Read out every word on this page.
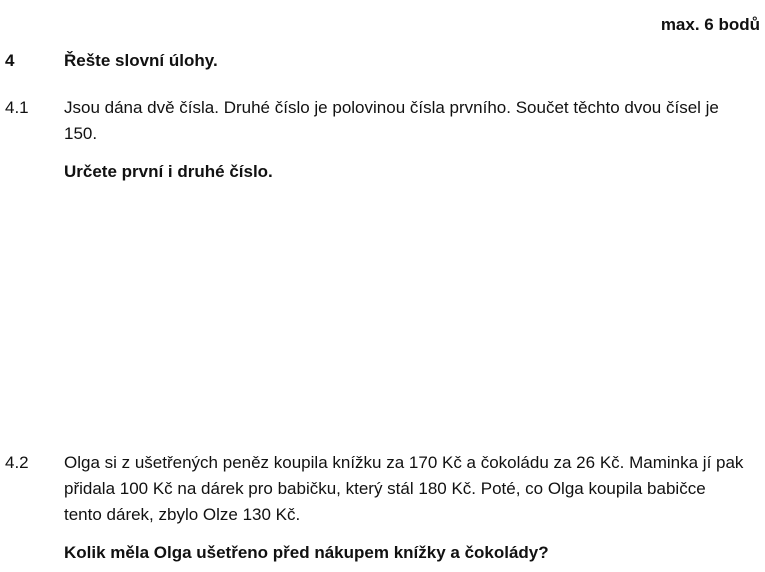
max. 6 bodů
4	Řešte slovní úlohy.
4.1	Jsou dána dvě čísla. Druhé číslo je polovinou čísla prvního. Součet těchto dvou čísel je 150.

Určete první i druhé číslo.

4.2	Olga si z ušetřených peněz koupila knížku za 170 Kč a čokoládu za 26 Kč. Maminka jí pak přidala 100 Kč na dárek pro babičku, který stál 180 Kč. Poté, co Olga koupila babičce tento dárek, zbylo Olze 130 Kč.

Kolik měla Olga ušetřeno před nákupem knížky a čokolády?
